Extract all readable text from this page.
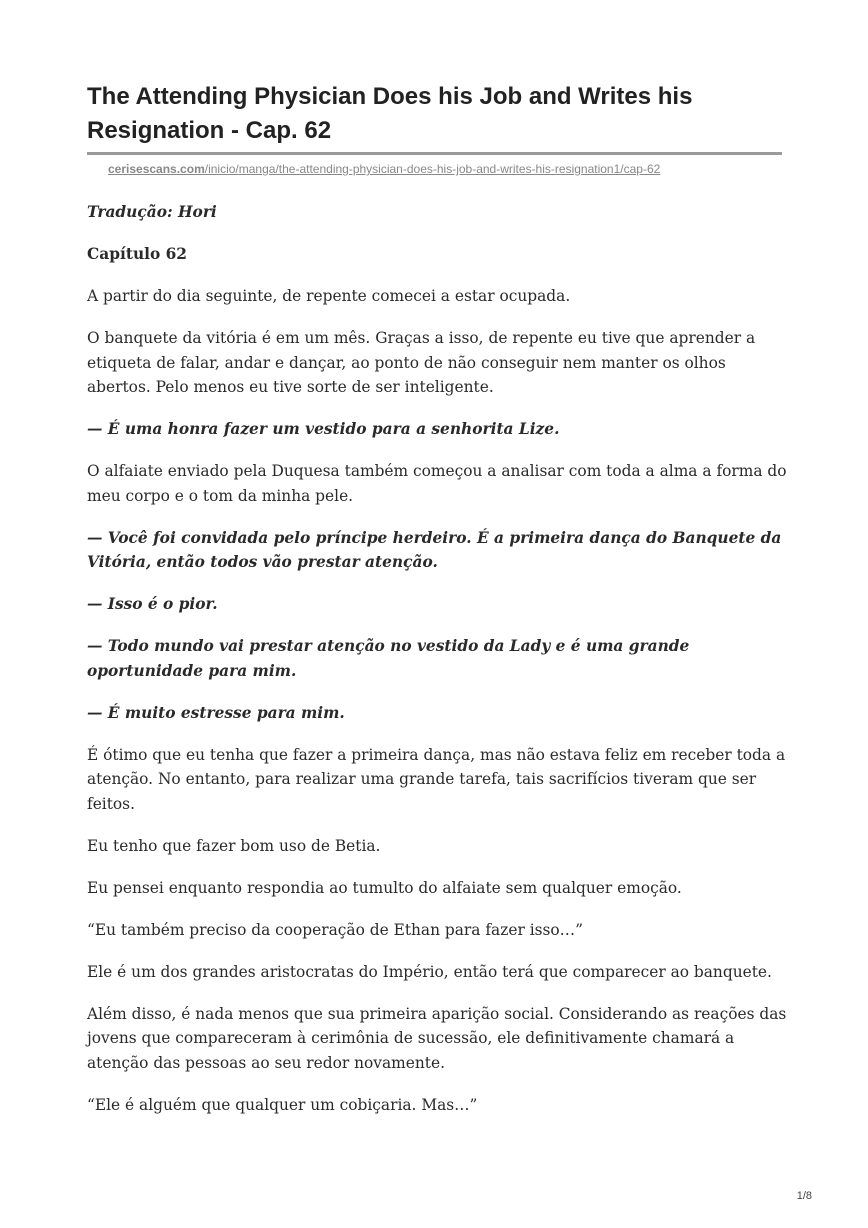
The Attending Physician Does his Job and Writes his Resignation - Cap. 62
cerisescans.com/inicio/manga/the-attending-physician-does-his-job-and-writes-his-resignation1/cap-62

Tradução: Hori

Capítulo 62

A partir do dia seguinte, de repente comecei a estar ocupada.

O banquete da vitória é em um mês. Graças a isso, de repente eu tive que aprender a etiqueta de falar, andar e dançar, ao ponto de não conseguir nem manter os olhos abertos. Pelo menos eu tive sorte de ser inteligente.

— É uma honra fazer um vestido para a senhorita Lize.

O alfaiate enviado pela Duquesa também começou a analisar com toda a alma a forma do meu corpo e o tom da minha pele.

— Você foi convidada pelo príncipe herdeiro. É a primeira dança do Banquete da Vitória, então todos vão prestar atenção.

— Isso é o pior.

— Todo mundo vai prestar atenção no vestido da Lady e é uma grande oportunidade para mim.

— É muito estresse para mim.

É ótimo que eu tenha que fazer a primeira dança, mas não estava feliz em receber toda a atenção. No entanto, para realizar uma grande tarefa, tais sacrifícios tiveram que ser feitos.

Eu tenho que fazer bom uso de Betia.

Eu pensei enquanto respondia ao tumulto do alfaiate sem qualquer emoção.

“Eu também preciso da cooperação de Ethan para fazer isso…”

Ele é um dos grandes aristocratas do Império, então terá que comparecer ao banquete.

Além disso, é nada menos que sua primeira aparição social. Considerando as reações das jovens que compareceram à cerimônia de sucessão, ele definitivamente chamará a atenção das pessoas ao seu redor novamente.

“Ele é alguém que qualquer um cobiçaria. Mas…”

1/8
